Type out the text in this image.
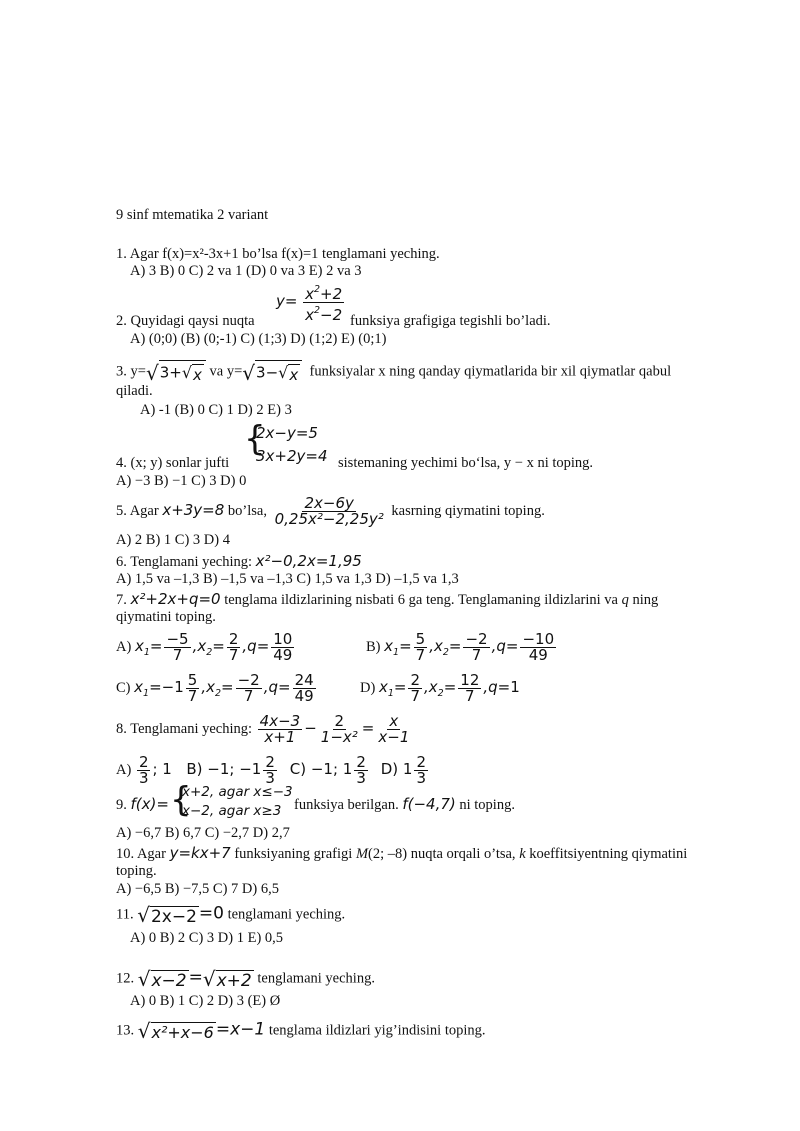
9 sinf mtematika 2 variant
1. Agar f(x)=x²-3x+1 bo’lsa f(x)=1 tenglamani yeching.
A) 3 B) 0 C) 2 va 1 (D) 0 va 3 E) 2 va 3
$y= \frac{x^2+2}{x^2-2}$
2. Quyidagi qaysi nuqta	funksiya grafigiga tegishli bo’ladi.
A) (0;0) (B) (0;-1) C) (1;3) D) (1;2) E) (0;1)
3. y= √ 3+ √ x va y= √ 3− √ x funksiyalar x ning qanday qiymatlarida bir xil qiymatlar qabul
qiladi.
A) -1 (B) 0 C) 1 D) 2 E) 3
{
2x−y=5
3x+2y=4
4. (x; y) sonlar jufti	sistemaning yechimi bo‘lsa, y − x ni toping.
A) −3 B) −1 C) 3 D) 0
5. Agar x+3y=8 bo’lsa, $\frac{2x-6y}{\text{0,25x²−2,25y²}}$ kasrning qiymatini toping.
A) 2 B) 1 C) 3 D) 4
6. Tenglamani yeching: x²−0,2x=1,95
A) 1,5 va –1,3 B) –1,5 va –1,3 C) 1,5 va 1,3 D) –1,5 va 1,3
7. x²+2x+q=0 tenglama ildizlarining nisbati 6 ga teng. Tenglamaning ildizlarini va q ning
qiymatini toping.
A) $x_1= \frac{-5}{7} ,x_2= \frac{2}{7} ,q= \frac{10}{49}$	B) $x_1= \frac{5}{7} ,x_2= \frac{-2}{7} ,q= \frac{-10}{49}$
C) $x_1=-1 \frac{5}{7} ,x_2= \frac{-2}{7} ,q= \frac{24}{49}$	D) $x_1= \frac{2}{7} ,x_2= \frac{12}{7} ,q=1$
8. Tenglamani yeching: $\frac{4x-3}{x+1} - \frac{2}{\text{1−x²}} = \frac{x}{x-1}$
$A) \frac{2}{3}$ ; 1 B) −1; $-1 \frac{2}{3} C) -1$; $1 \frac{2}{3} D$) $1 \frac{2}{3}$
9. f(x)= {
x+2, agar x≤−3
x−2, agar x≥3 funksiya berilgan. f(−4,7) ni toping.
A) −6,7 B) 6,7 C) −2,7 D) 2,7
10. Agar y=kx+7 funksiyaning grafigi M(2; –8) nuqta orqali o’tsa, k koeffitsiyentning qiymatini
toping.
A) −6,5 B) −7,5 C) 7 D) 6,5
11. √ 2x−2 =0 tenglamani yeching.
A) 0 B) 2 C) 3 D) 1 E) 0,5
12. √ x−2 = √ x+2 tenglamani yeching.
A) 0 B) 1 C) 2 D) 3 (E) Ø
13. √ x²+x−6 =x−1 tenglama ildizlari yig’indisini toping.
